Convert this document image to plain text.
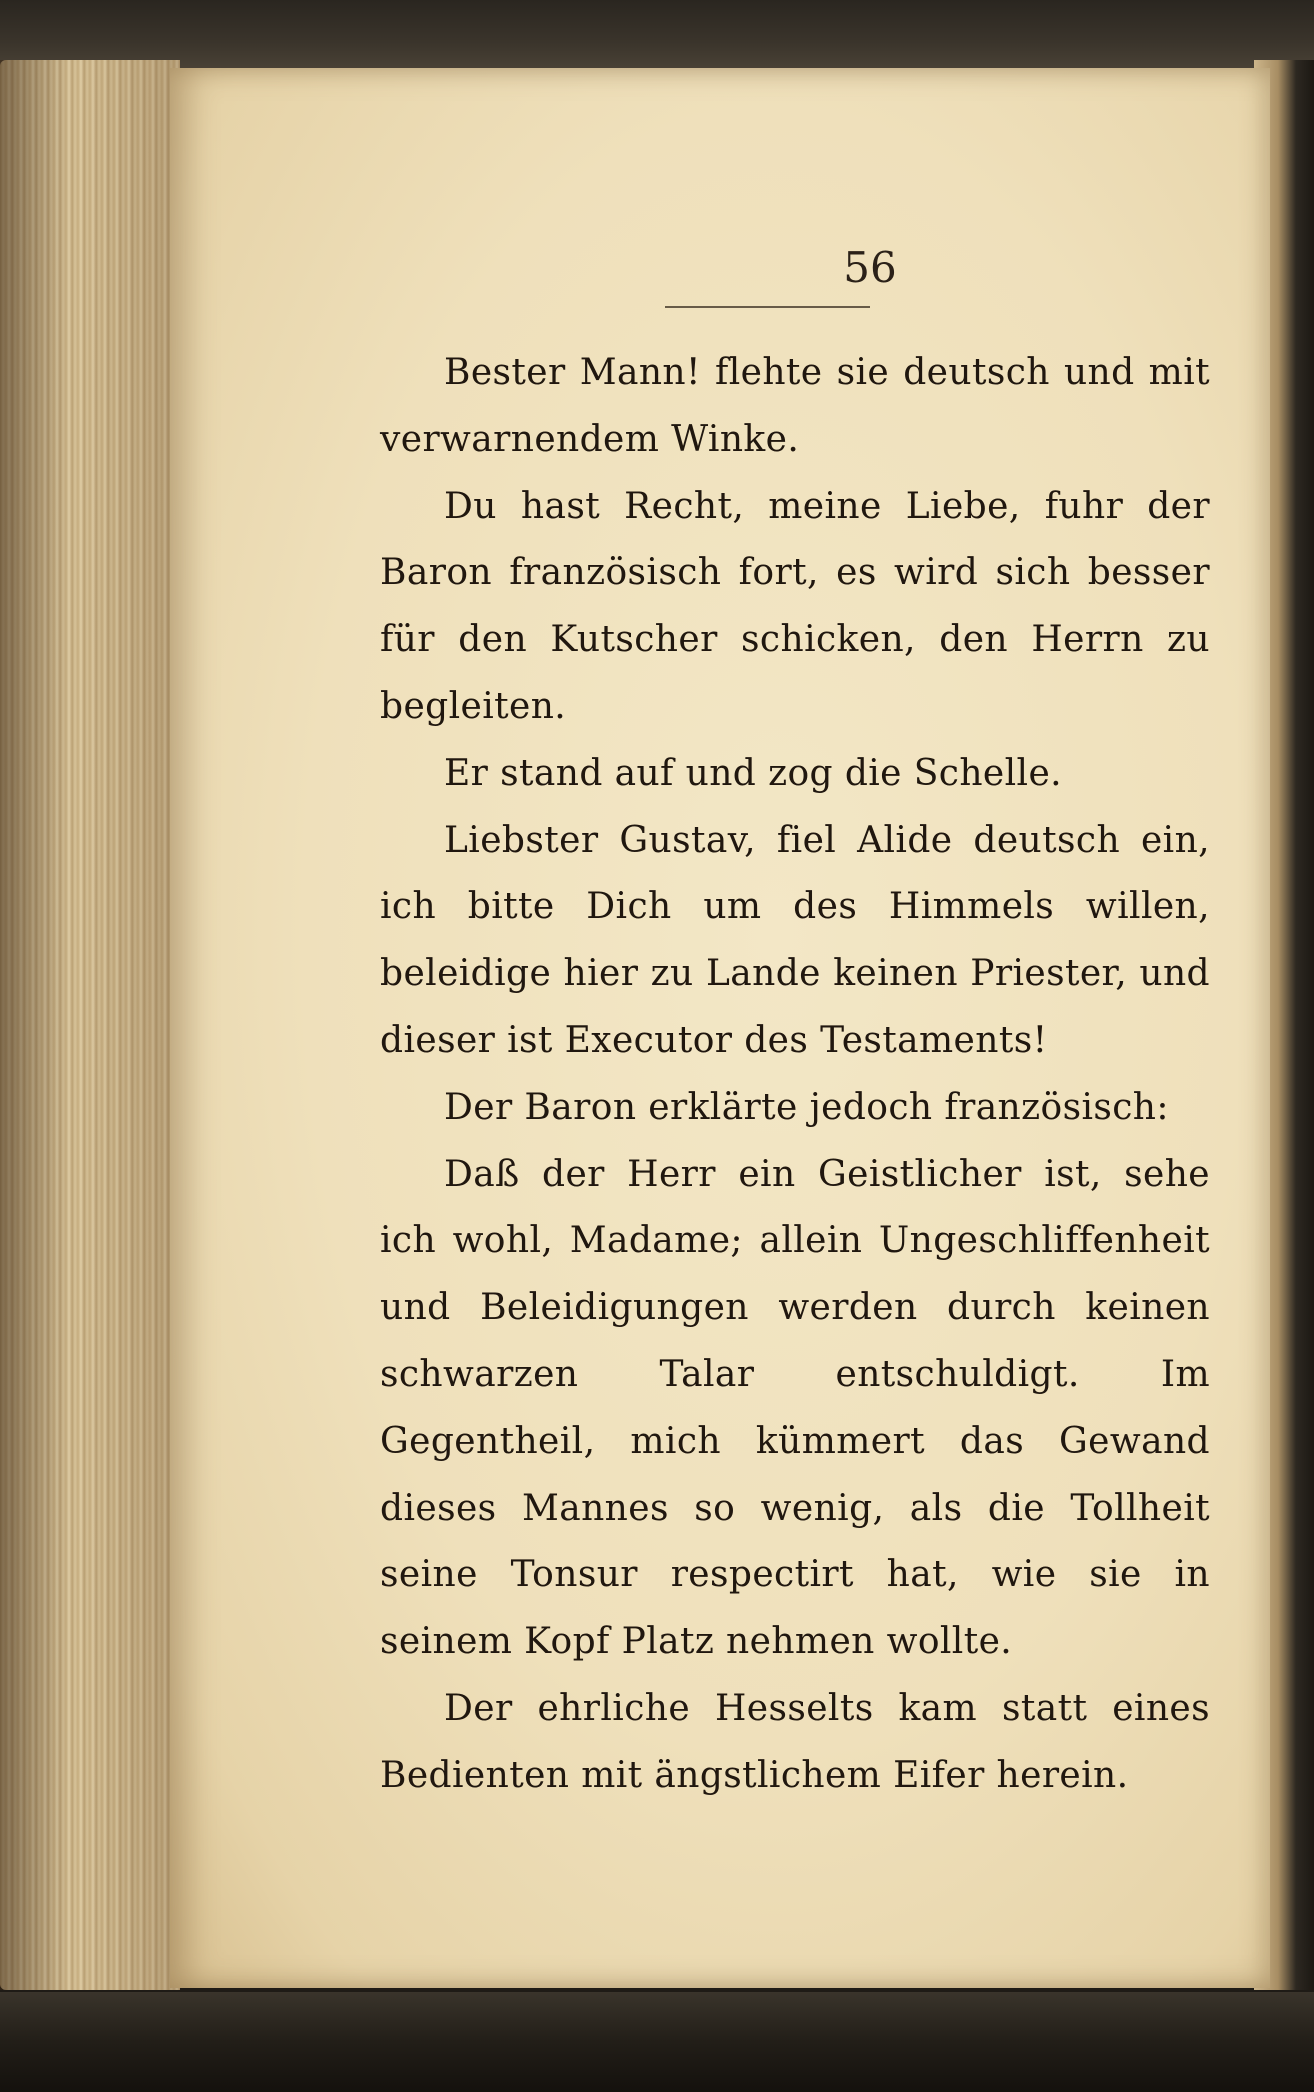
56

Bester Mann! flehte sie deutsch und mit verwarnendem Winke.

Du hast Recht, meine Liebe, fuhr der Baron französisch fort, es wird sich besser für den Kutscher schicken, den Herrn zu begleiten.

Er stand auf und zog die Schelle.

Liebster Gustav, fiel Alide deutsch ein, ich bitte Dich um des Himmels willen, beleidige hier zu Lande keinen Priester, und dieser ist Executor des Testaments!

Der Baron erklärte jedoch französisch:

Daß der Herr ein Geistlicher ist, sehe ich wohl, Madame; allein Ungeschliffenheit und Beleidigungen werden durch keinen schwarzen Talar entschuldigt. Im Gegentheil, mich kümmert das Gewand dieses Mannes so wenig, als die Tollheit seine Tonsur respectirt hat, wie sie in seinem Kopf Platz nehmen wollte.

Der ehrliche Hesselts kam statt eines Bedienten mit ängstlichem Eifer herein.
